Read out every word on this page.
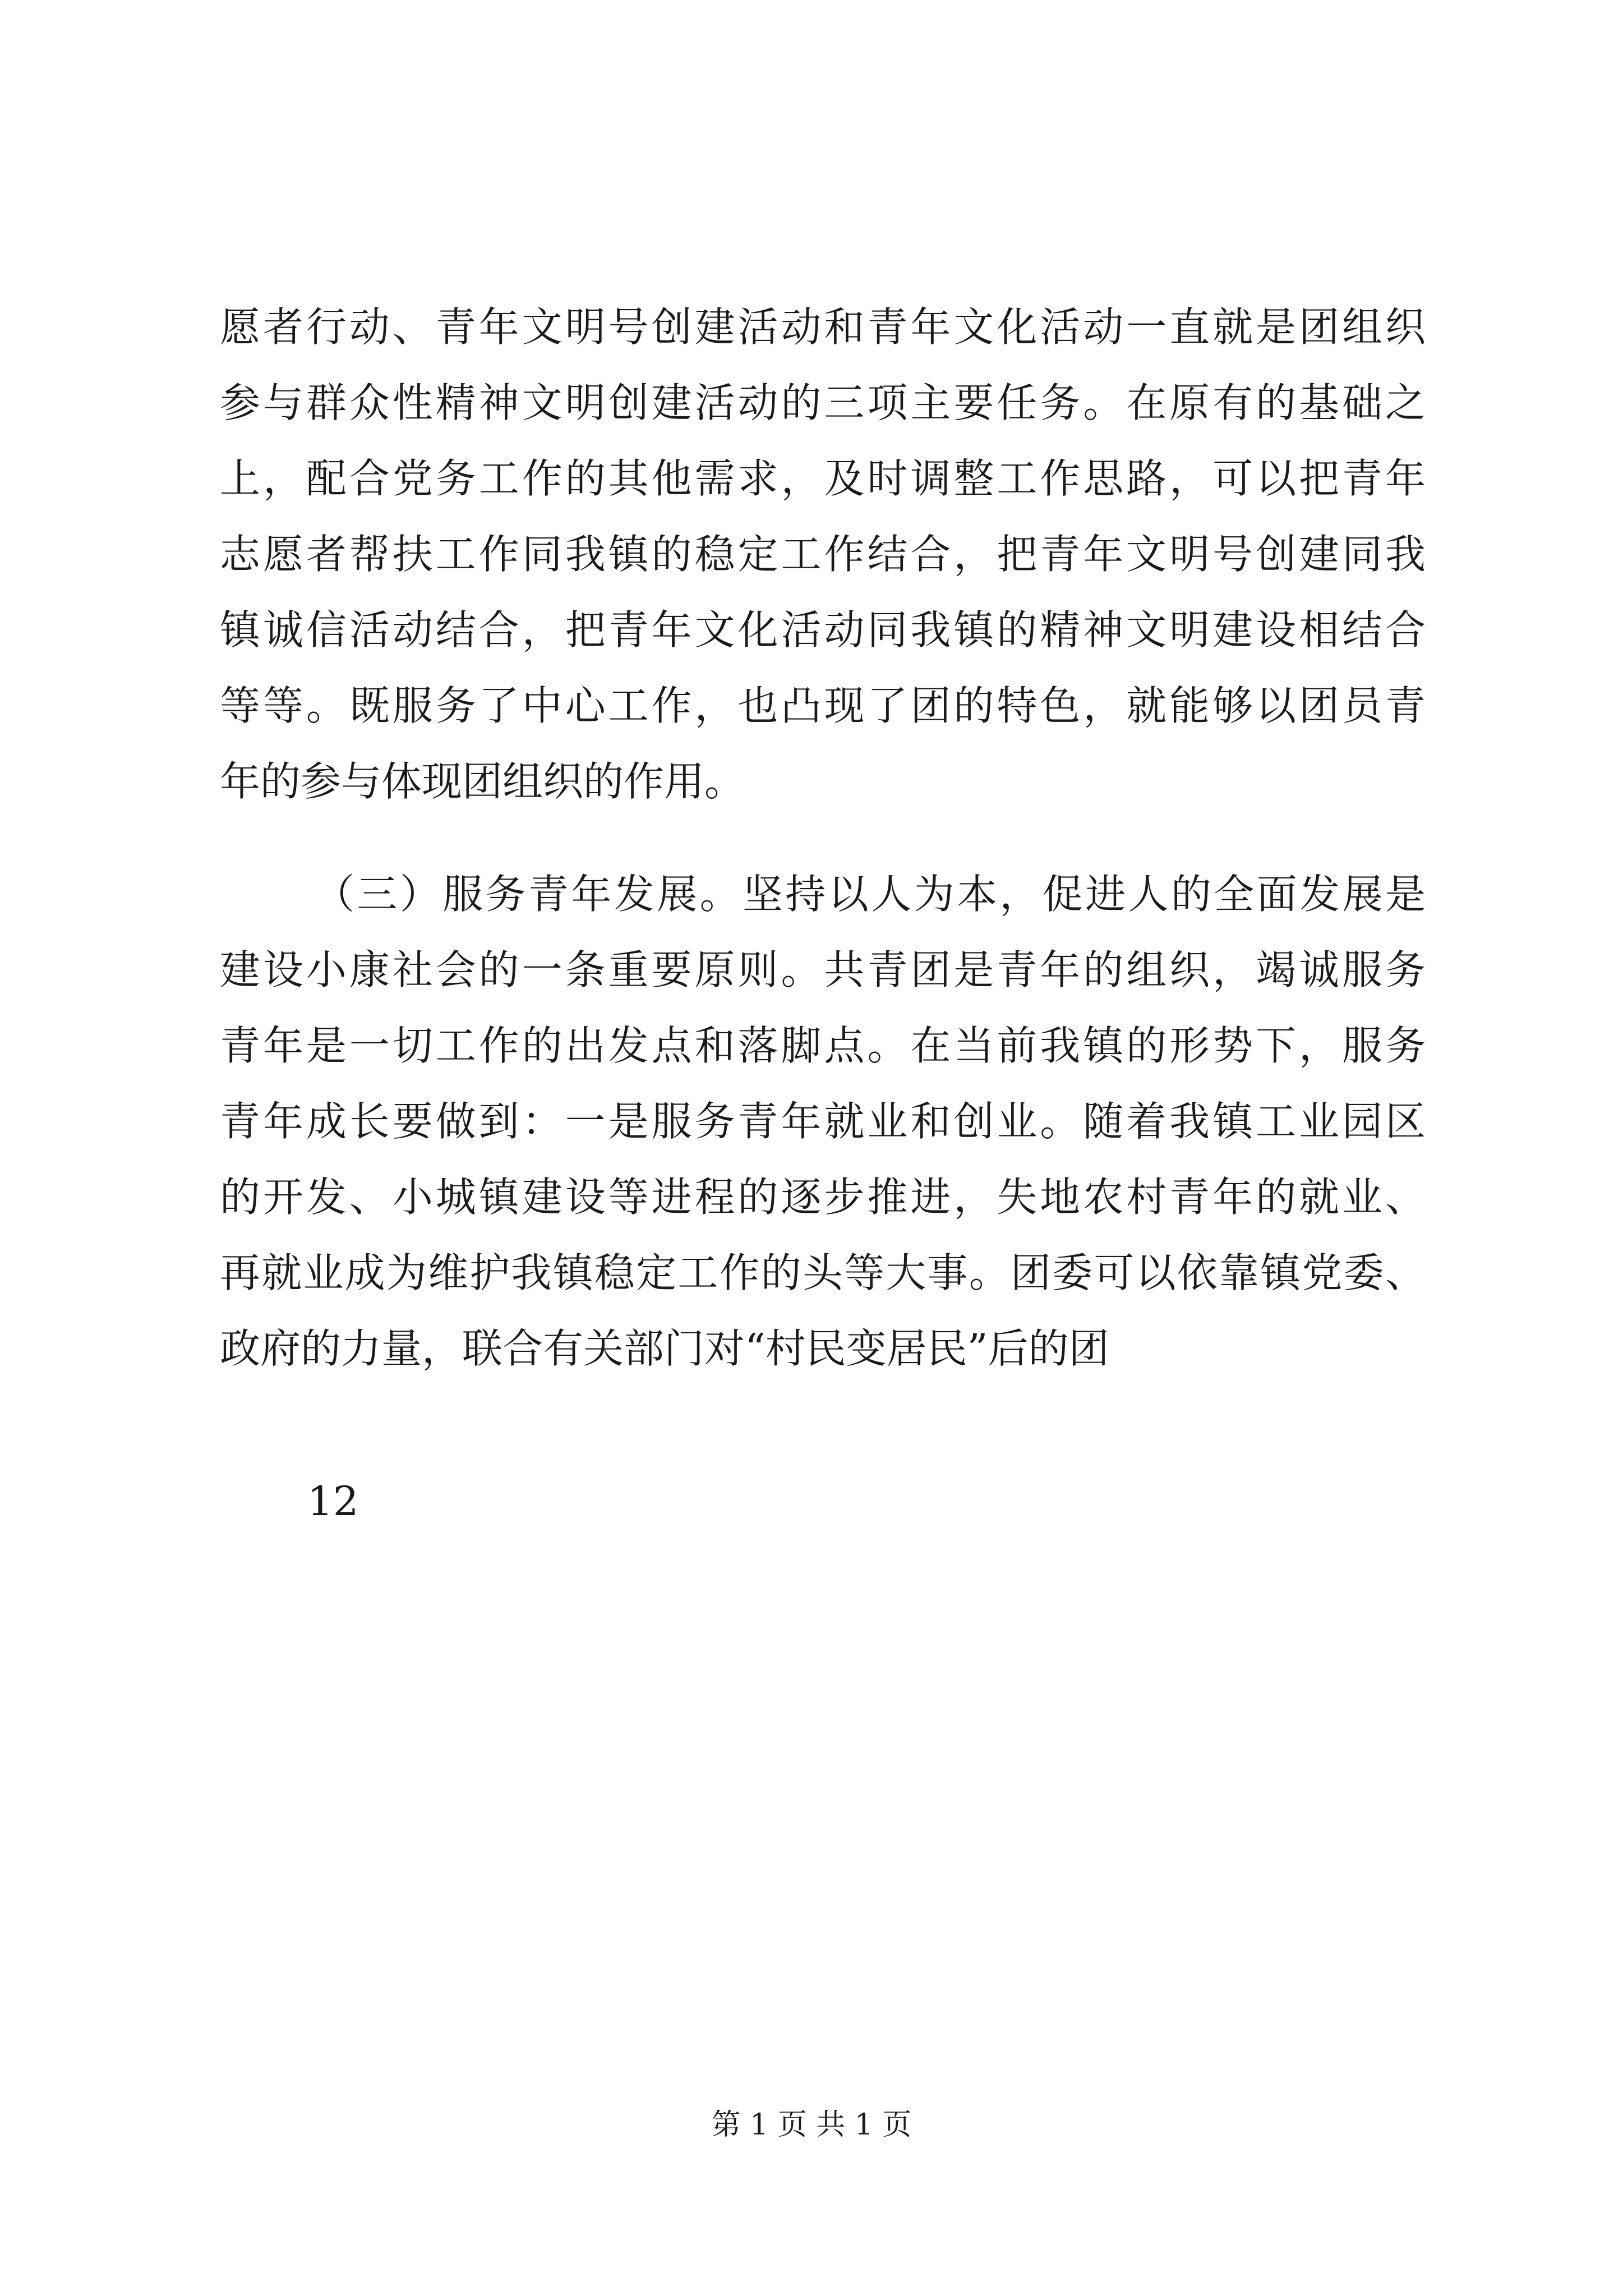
愿者行动、青年文明号创建活动和青年文化活动一直就是团组织
参与群众性精神文明创建活动的三项主要任务。在原有的基础之
上，配合党务工作的其他需求，及时调整工作思路，可以把青年
志愿者帮扶工作同我镇的稳定工作结合，把青年文明号创建同我
镇诚信活动结合，把青年文化活动同我镇的精神文明建设相结合
等等。既服务了中心工作，也凸现了团的特色，就能够以团员青
年的参与体现团组织的作用。
（三）服务青年发展。坚持以人为本，促进人的全面发展是
建设小康社会的一条重要原则。共青团是青年的组织，竭诚服务
青年是一切工作的出发点和落脚点。在当前我镇的形势下，服务
青年成长要做到：一是服务青年就业和创业。随着我镇工业园区
的开发、小城镇建设等进程的逐步推进，失地农村青年的就业、
再就业成为维护我镇稳定工作的头等大事。团委可以依靠镇党委、
政府的力量，联合有关部门对“村民变居民”后的团
12
第 1 页 共 1 页
